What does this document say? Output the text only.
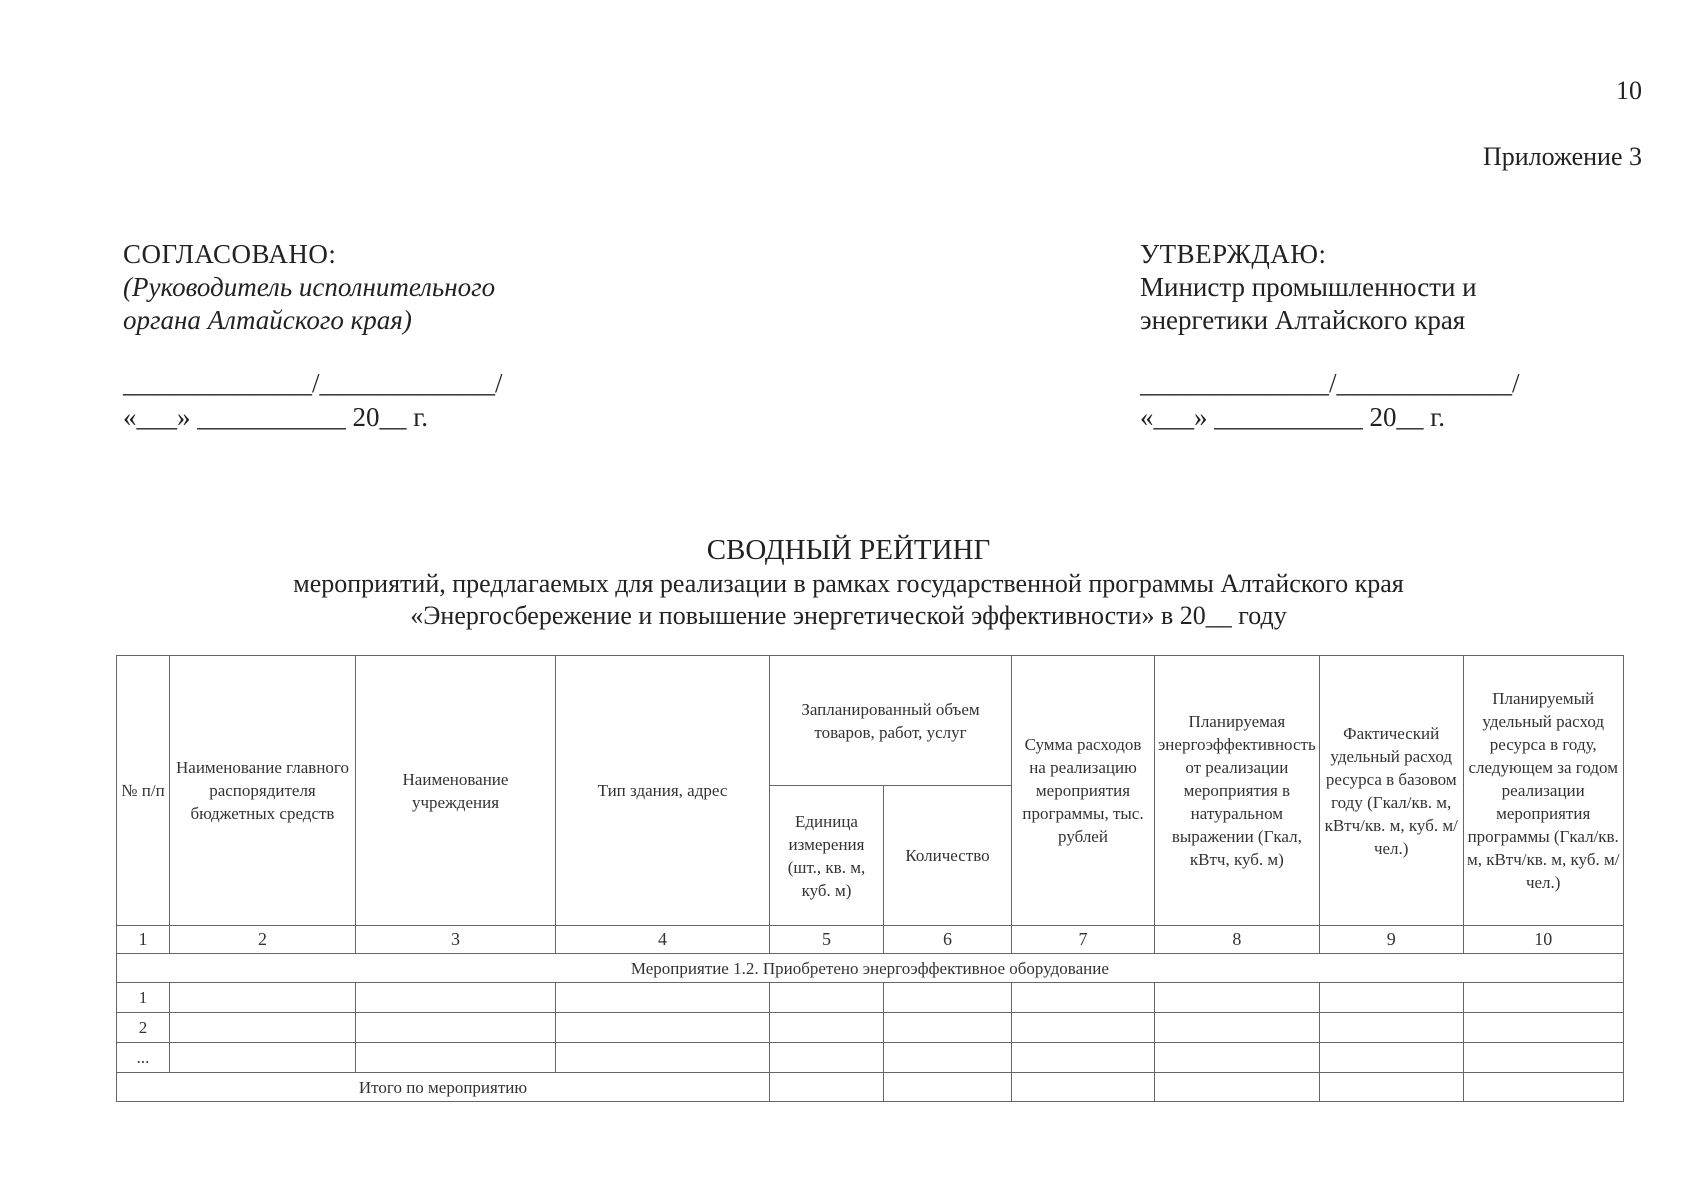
10
Приложение 3
СОГЛАСОВАНО:
(Руководитель исполнительного
органа Алтайского края)
______________/_____________/
«___» ___________ 20__ г.
УТВЕРЖДАЮ:
Министр промышленности и
энергетики Алтайского края
______________/_____________/
«___» ___________ 20__ г.
СВОДНЫЙ РЕЙТИНГ
мероприятий, предлагаемых для реализации в рамках государственной программы Алтайского края
«Энергосбережение и повышение энергетической эффективности» в 20__ году
№ п/п	Наименование главного распорядителя бюджетных средств	Наименование учреждения	Тип здания, адрес	Запланированный объем товаров, работ, услуг		Сумма расходов на реализацию мероприятия программы, тыс. рублей	Планируемая энергоэффективность от реализации мероприятия в натуральном выражении (Гкал, кВтч, куб. м)	Фактический удельный расход ресурса в базовом году (Гкал/кв. м, кВтч/кв. м, куб. м/ чел.)	Планируемый удельный расход ресурса в году, следующем за годом реализации мероприятия программы (Гкал/кв. м, кВтч/кв. м, куб. м/ чел.)
				Единица измерения (шт., кв. м, куб. м)	Количество				
1	2	3	4	5	6	7	8	9	10
Мероприятие 1.2. Приобретено энергоэффективное оборудование									
1									
2									
...									
Итого по мероприятию									
